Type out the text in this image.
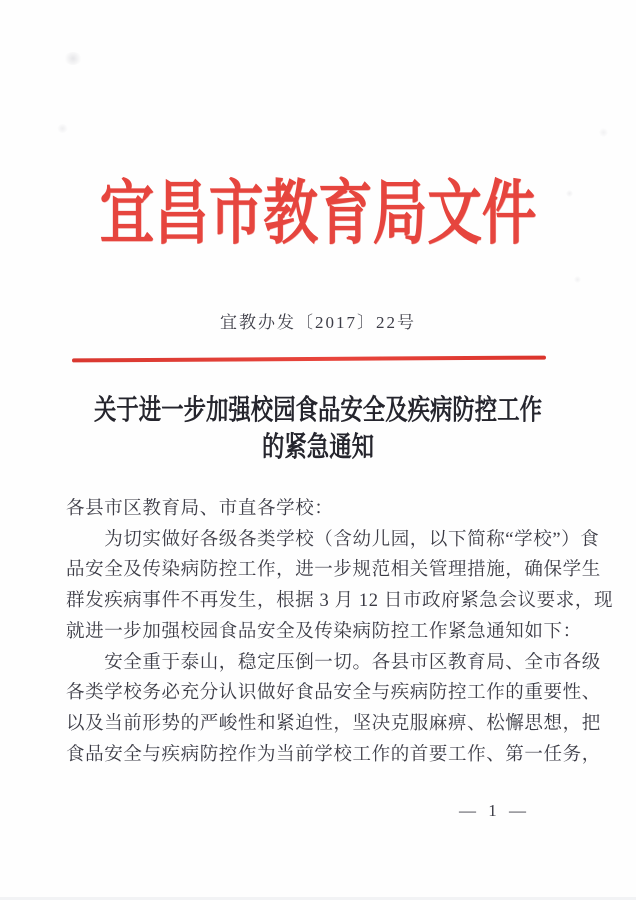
宜昌市教育局文件
宜教办发〔2017〕22号
关于进一步加强校园食品安全及疾病防控工作
的紧急通知
各县市区教育局、市直各学校：
　　为切实做好各级各类学校（含幼儿园，以下简称“学校”）食
品安全及传染病防控工作，进一步规范相关管理措施，确保学生
群发疾病事件不再发生，根据 3 月 12 日市政府紧急会议要求，现
就进一步加强校园食品安全及传染病防控工作紧急通知如下：
　　安全重于泰山，稳定压倒一切。各县市区教育局、全市各级
各类学校务必充分认识做好食品安全与疾病防控工作的重要性、
以及当前形势的严峻性和紧迫性，坚决克服麻痹、松懈思想，把
食品安全与疾病防控作为当前学校工作的首要工作、第一任务，
— 1 —
